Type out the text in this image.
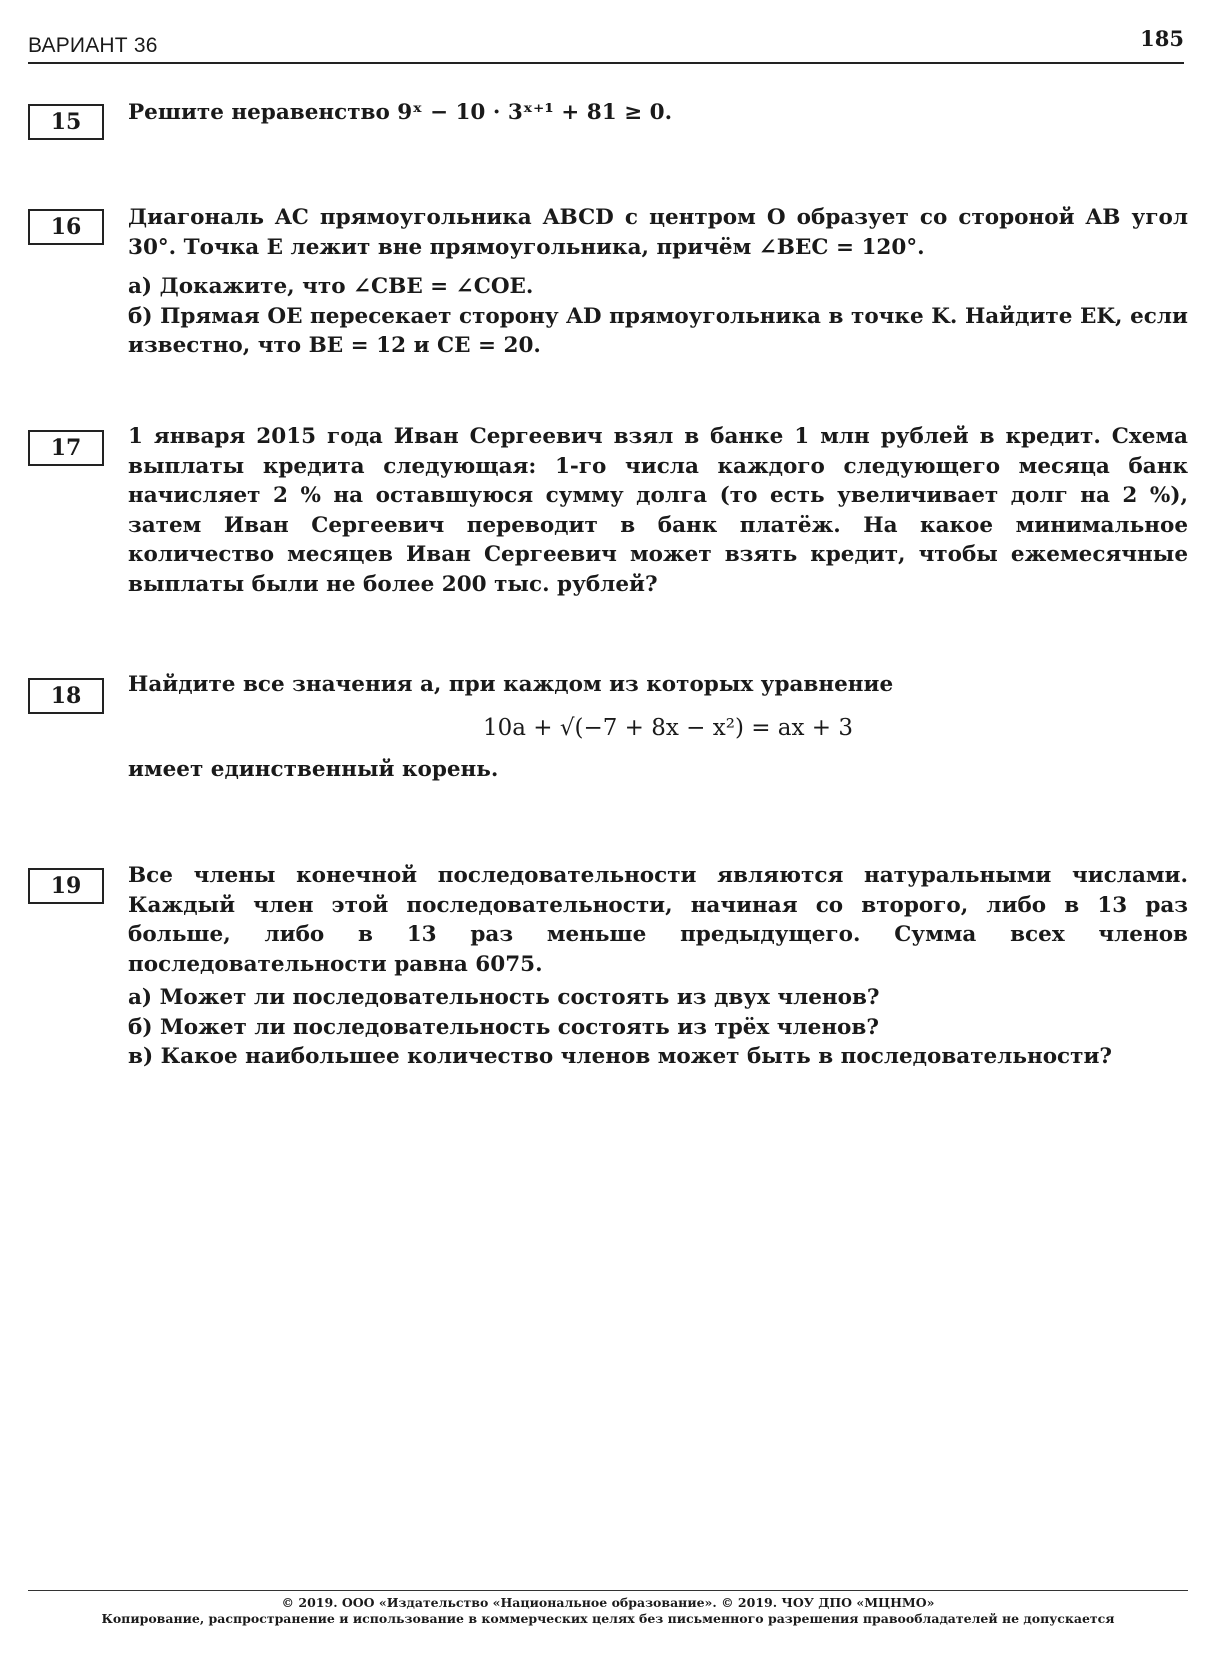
ВАРИАНТ 36	185
15	Решите неравенство 9ˣ − 10 · 3ˣ⁺¹ + 81 ≥ 0.

16	Диагональ AC прямоугольника ABCD с центром O образует со стороной AB угол 30°. Точка E лежит вне прямоугольника, причём ∠BEC = 120°.

а) Докажите, что ∠CBE = ∠COE.

б) Прямая OE пересекает сторону AD прямоугольника в точке K. Найдите EK, если известно, что BE = 12 и CE = 20.

17	1 января 2015 года Иван Сергеевич взял в банке 1 млн рублей в кредит. Схема выплаты кредита следующая: 1-го числа каждого следующего месяца банк начисляет 2 % на оставшуюся сумму долга (то есть увеличивает долг на 2 %), затем Иван Сергеевич переводит в банк платёж. На какое минимальное количество месяцев Иван Сергеевич может взять кредит, чтобы ежемесячные выплаты были не более 200 тыс. рублей?

18	Найдите все значения a, при каждом из которых уравнение

10a + √(−7 + 8x − x²) = ax + 3

имеет единственный корень.

19	Все члены конечной последовательности являются натуральными числами. Каждый член этой последовательности, начиная со второго, либо в 13 раз больше, либо в 13 раз меньше предыдущего. Сумма всех членов последовательности равна 6075.

а) Может ли последовательность состоять из двух членов?

б) Может ли последовательность состоять из трёх членов?

в) Какое наибольшее количество членов может быть в последовательности?

© 2019. ООО «Издательство «Национальное образование». © 2019. ЧОУ ДПО «МЦНМО»
Копирование, распространение и использование в коммерческих целях без письменного разрешения правообладателей не допускается
